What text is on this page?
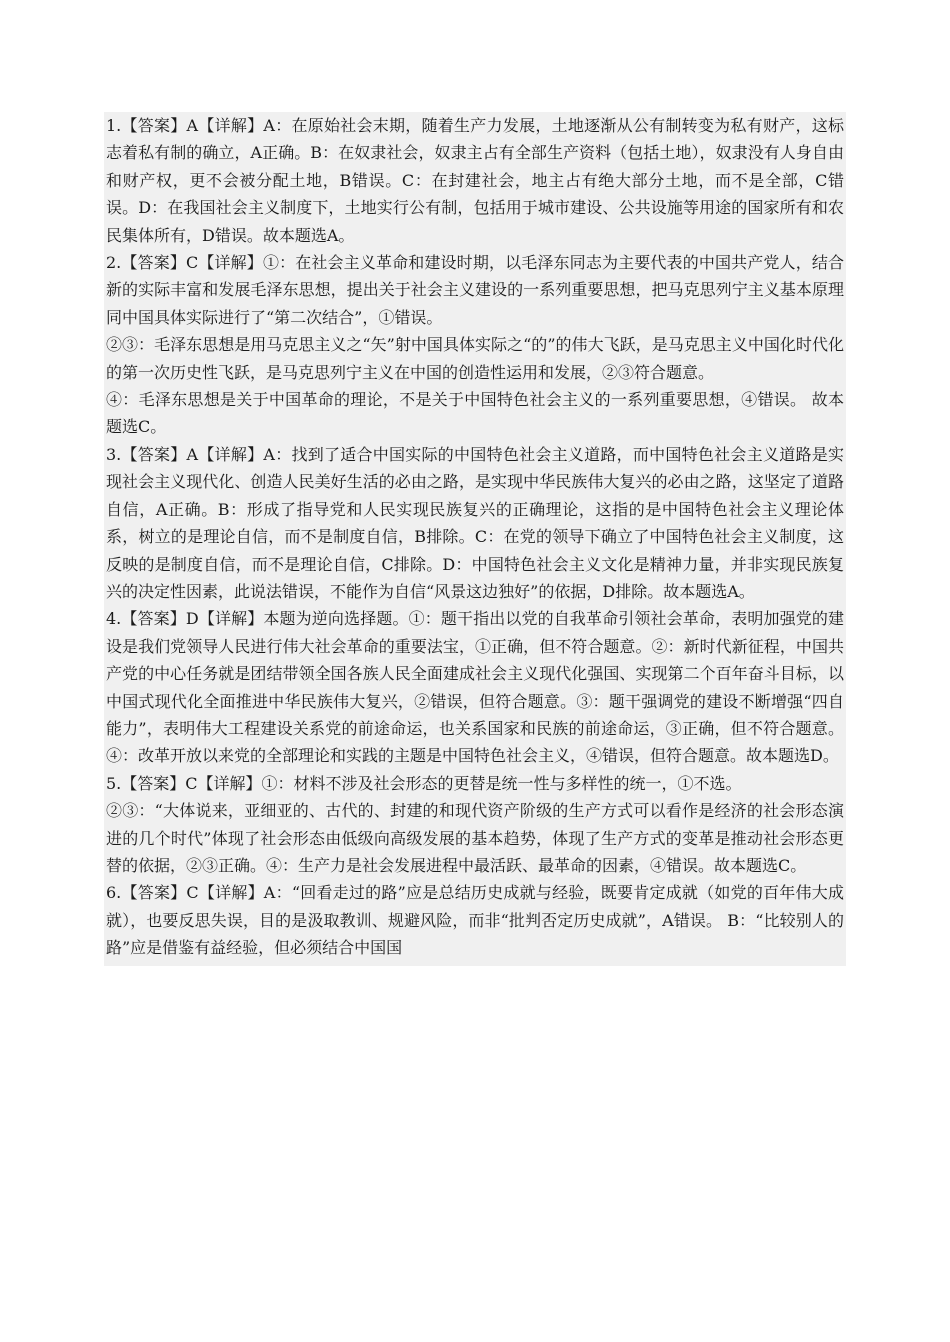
1.【答案】A【详解】A：在原始社会末期，随着生产力发展，土地逐渐从公有制转变为私有财产，这标志着私有制的确立，A正确。B：在奴隶社会，奴隶主占有全部生产资料（包括土地），奴隶没有人身自由和财产权，更不会被分配土地，B错误。C：在封建社会，地主占有绝大部分土地，而不是全部，C错误。D：在我国社会主义制度下，土地实行公有制，包括用于城市建设、公共设施等用途的国家所有和农民集体所有，D错误。故本题选A。

2.【答案】C【详解】①：在社会主义革命和建设时期，以毛泽东同志为主要代表的中国共产党人，结合新的实际丰富和发展毛泽东思想，提出关于社会主义建设的一系列重要思想，把马克思列宁主义基本原理同中国具体实际进行了“第二次结合”，①错误。

②③：毛泽东思想是用马克思主义之“矢”射中国具体实际之“的”的伟大飞跃，是马克思主义中国化时代化的第一次历史性飞跃，是马克思列宁主义在中国的创造性运用和发展，②③符合题意。

④：毛泽东思想是关于中国革命的理论，不是关于中国特色社会主义的一系列重要思想，④错误。 故本题选C。

3.【答案】A【详解】A：找到了适合中国实际的中国特色社会主义道路，而中国特色社会主义道路是实现社会主义现代化、创造人民美好生活的必由之路，是实现中华民族伟大复兴的必由之路，这坚定了道路自信，A正确。B：形成了指导党和人民实现民族复兴的正确理论，这指的是中国特色社会主义理论体系，树立的是理论自信，而不是制度自信，B排除。C：在党的领导下确立了中国特色社会主义制度，这反映的是制度自信，而不是理论自信，C排除。D：中国特色社会主义文化是精神力量，并非实现民族复兴的决定性因素，此说法错误，不能作为自信“风景这边独好”的依据，D排除。故本题选A。

4.【答案】D【详解】本题为逆向选择题。①：题干指出以党的自我革命引领社会革命，表明加强党的建设是我们党领导人民进行伟大社会革命的重要法宝，①正确，但不符合题意。②：新时代新征程，中国共产党的中心任务就是团结带领全国各族人民全面建成社会主义现代化强国、实现第二个百年奋斗目标，以中国式现代化全面推进中华民族伟大复兴，②错误，但符合题意。③：题干强调党的建设不断增强“四自能力”，表明伟大工程建设关系党的前途命运，也关系国家和民族的前途命运，③正确，但不符合题意。④：改革开放以来党的全部理论和实践的主题是中国特色社会主义，④错误，但符合题意。故本题选D。

5.【答案】C【详解】①：材料不涉及社会形态的更替是统一性与多样性的统一，①不选。

②③：“大体说来，亚细亚的、古代的、封建的和现代资产阶级的生产方式可以看作是经济的社会形态演进的几个时代”体现了社会形态由低级向高级发展的基本趋势，体现了生产方式的变革是推动社会形态更替的依据，②③正确。④：生产力是社会发展进程中最活跃、最革命的因素，④错误。故本题选C。

6.【答案】C【详解】A：“回看走过的路”应是总结历史成就与经验，既要肯定成就（如党的百年伟大成就），也要反思失误，目的是汲取教训、规避风险，而非“批判否定历史成就”，A错误。 B：“比较别人的路”应是借鉴有益经验，但必须结合中国国
